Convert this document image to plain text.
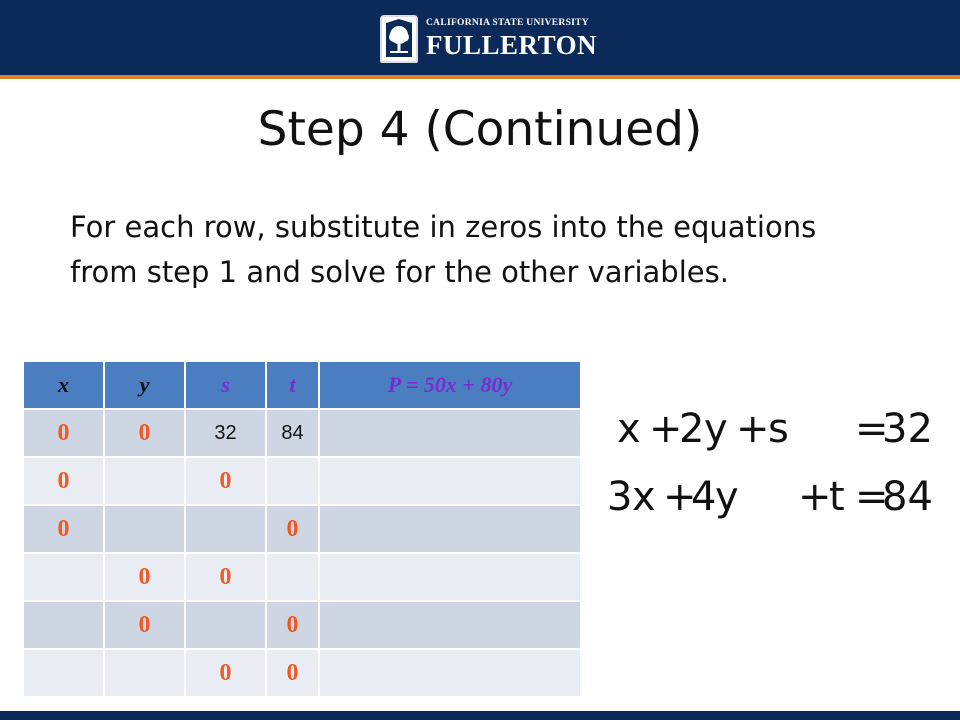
CALIFORNIA STATE UNIVERSITY
FULLERTON
Step 4 (Continued)
For each row, substitute in zeros into the equations from step 1 and solve for the other variables.
x	y	s	t	P = 50x + 80y
0	0	32	84	
0		0		
0			0	
	0	0		
	0		0	
		0	0	
x +
2 y +
s =
32
3 x +
4
y +
t =
84
